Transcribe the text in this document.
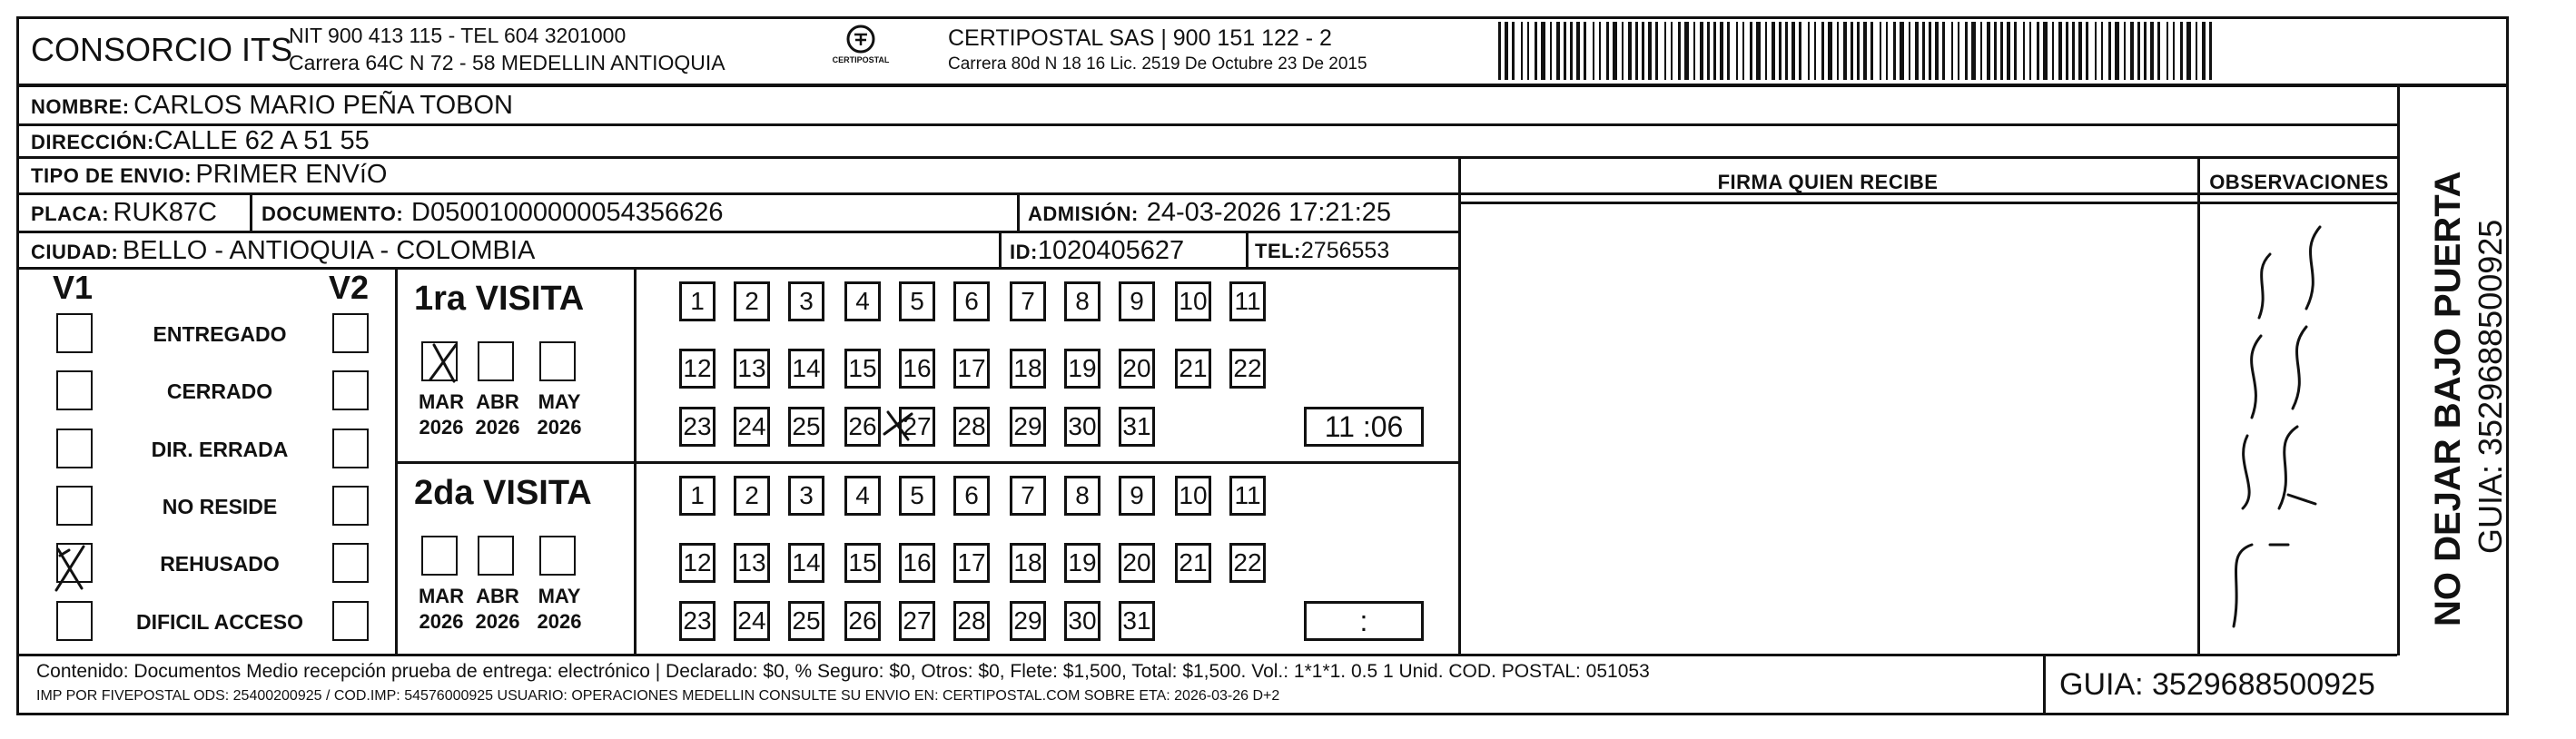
CONSORCIO ITS
NIT 900 413 115 - TEL 604 3201000
Carrera 64C N 72 - 58 MEDELLIN ANTIOQUIA	CERTIPOSTAL
CERTIPOSTAL SAS | 900 151 122 - 2
Carrera 80d N 18 16 Lic. 2519 De Octubre 23 De 2015
NOMBRE: CARLOS MARIO PEÑA TOBON
DIRECCIÓN:CALLE 62 A 51 55
TIPO DE ENVIO: PRIMER ENVíO
PLACA: RUK87C DOCUMENTO: D05001000000054356626	ADMISIÓN: 24-03-2026 17:21:25
CIUDAD: BELLO - ANTIOQUIA - COLOMBIA	ID:1020405627	TEL:2756553
FIRMA QUIEN RECIBE	OBSERVACIONES
V1	V2
ENTREGADO
CERRADO
DIR. ERRADA
NO RESIDE
REHUSADO
DIFICIL ACCESO
1ra VISITA
MAR
2026
ABR
2026
MAY
2026
1	2	3	4	5	6	7	8	9	10 11
12 13 14 15 16 17 18 19 20 21 22
23 24 25 26 27 28 29 30 31	11 :06
2da VISITA
MAR
2026
ABR
2026
MAY
2026
1	2	3	4	5	6	7	8	9	10 11
12 13 14 15 16 17 18 19 20 21 22
23 24 25 26 27 28 29 30 31	:
Contenido: Documentos Medio recepción prueba de entrega: electrónico | Declarado: $0, % Seguro: $0, Otros: $0, Flete: $1,500, Total: $1,500. Vol.: 1*1*1. 0.5 1 Unid. COD. POSTAL: 051053
IMP POR FIVEPOSTAL ODS: 25400200925 / COD.IMP: 54576000925 USUARIO: OPERACIONES MEDELLIN CONSULTE SU ENVIO EN: CERTIPOSTAL.COM SOBRE ETA: 2026-03-26 D+2	GUIA: 3529688500925
NO DEJAR BAJO PUERTA GUIA: 3529688500925
